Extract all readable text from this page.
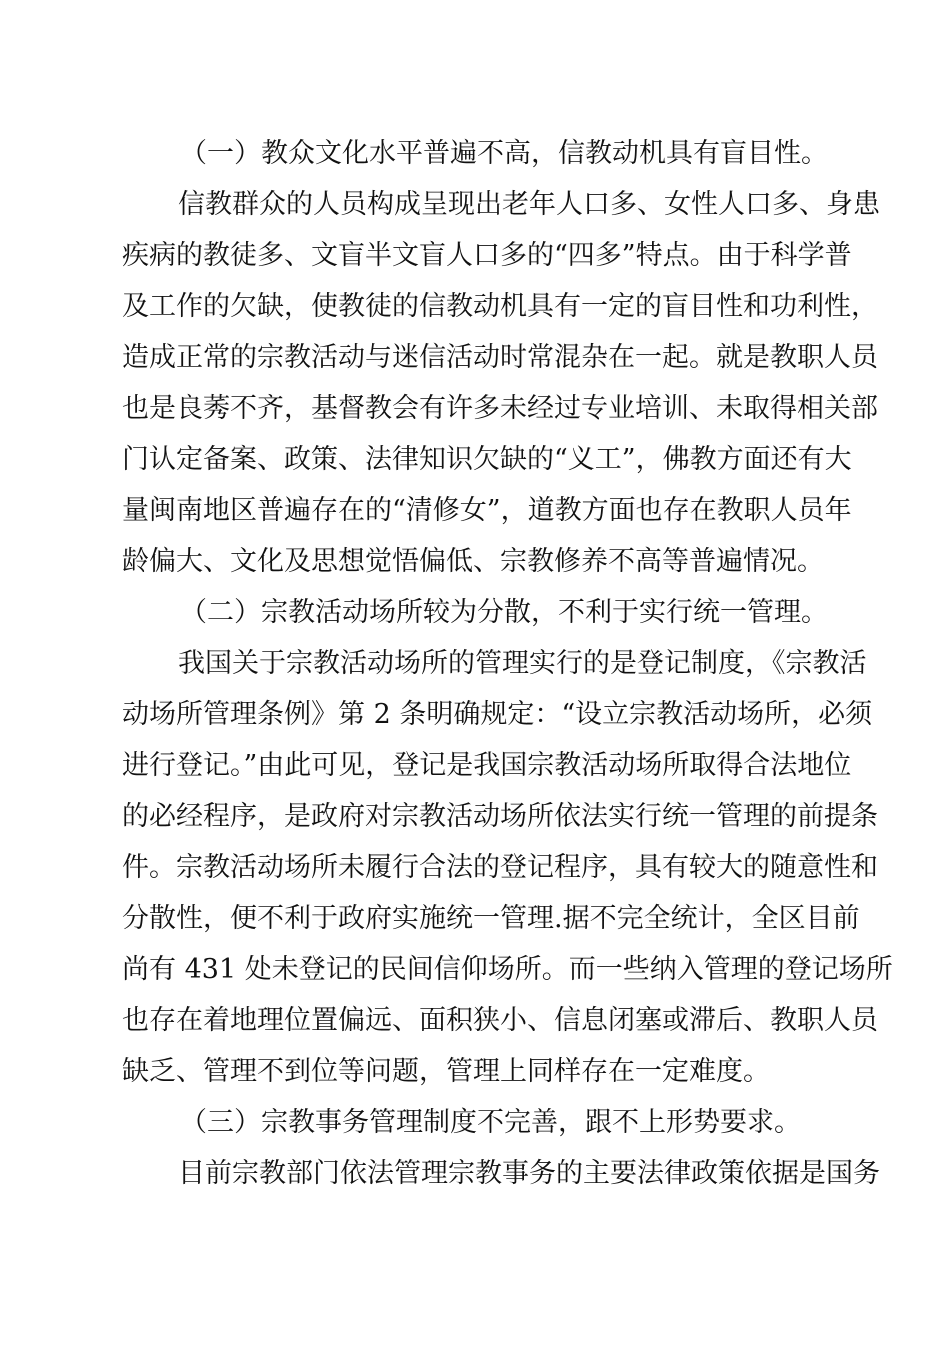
（一）教众文化水平普遍不高，信教动机具有盲目性。
信教群众的人员构成呈现出老年人口多、女性人口多、身患
疾病的教徒多、文盲半文盲人口多的“四多”特点。由于科学普
及工作的欠缺，使教徒的信教动机具有一定的盲目性和功利性，
造成正常的宗教活动与迷信活动时常混杂在一起。就是教职人员
也是良莠不齐，基督教会有许多未经过专业培训、未取得相关部
门认定备案、政策、法律知识欠缺的“义工”，佛教方面还有大
量闽南地区普遍存在的“清修女”，道教方面也存在教职人员年
龄偏大、文化及思想觉悟偏低、宗教修养不高等普遍情况。
（二）宗教活动场所较为分散，不利于实行统一管理。
我国关于宗教活动场所的管理实行的是登记制度，《宗教活
动场所管理条例》第 2 条明确规定：“设立宗教活动场所，必须
进行登记。”由此可见，登记是我国宗教活动场所取得合法地位
的必经程序，是政府对宗教活动场所依法实行统一管理的前提条
件。宗教活动场所未履行合法的登记程序，具有较大的随意性和
分散性，便不利于政府实施统一管理.据不完全统计，全区目前
尚有 431 处未登记的民间信仰场所。而一些纳入管理的登记场所
也存在着地理位置偏远、面积狭小、信息闭塞或滞后、教职人员
缺乏、管理不到位等问题，管理上同样存在一定难度。
（三）宗教事务管理制度不完善，跟不上形势要求。
目前宗教部门依法管理宗教事务的主要法律政策依据是国务
